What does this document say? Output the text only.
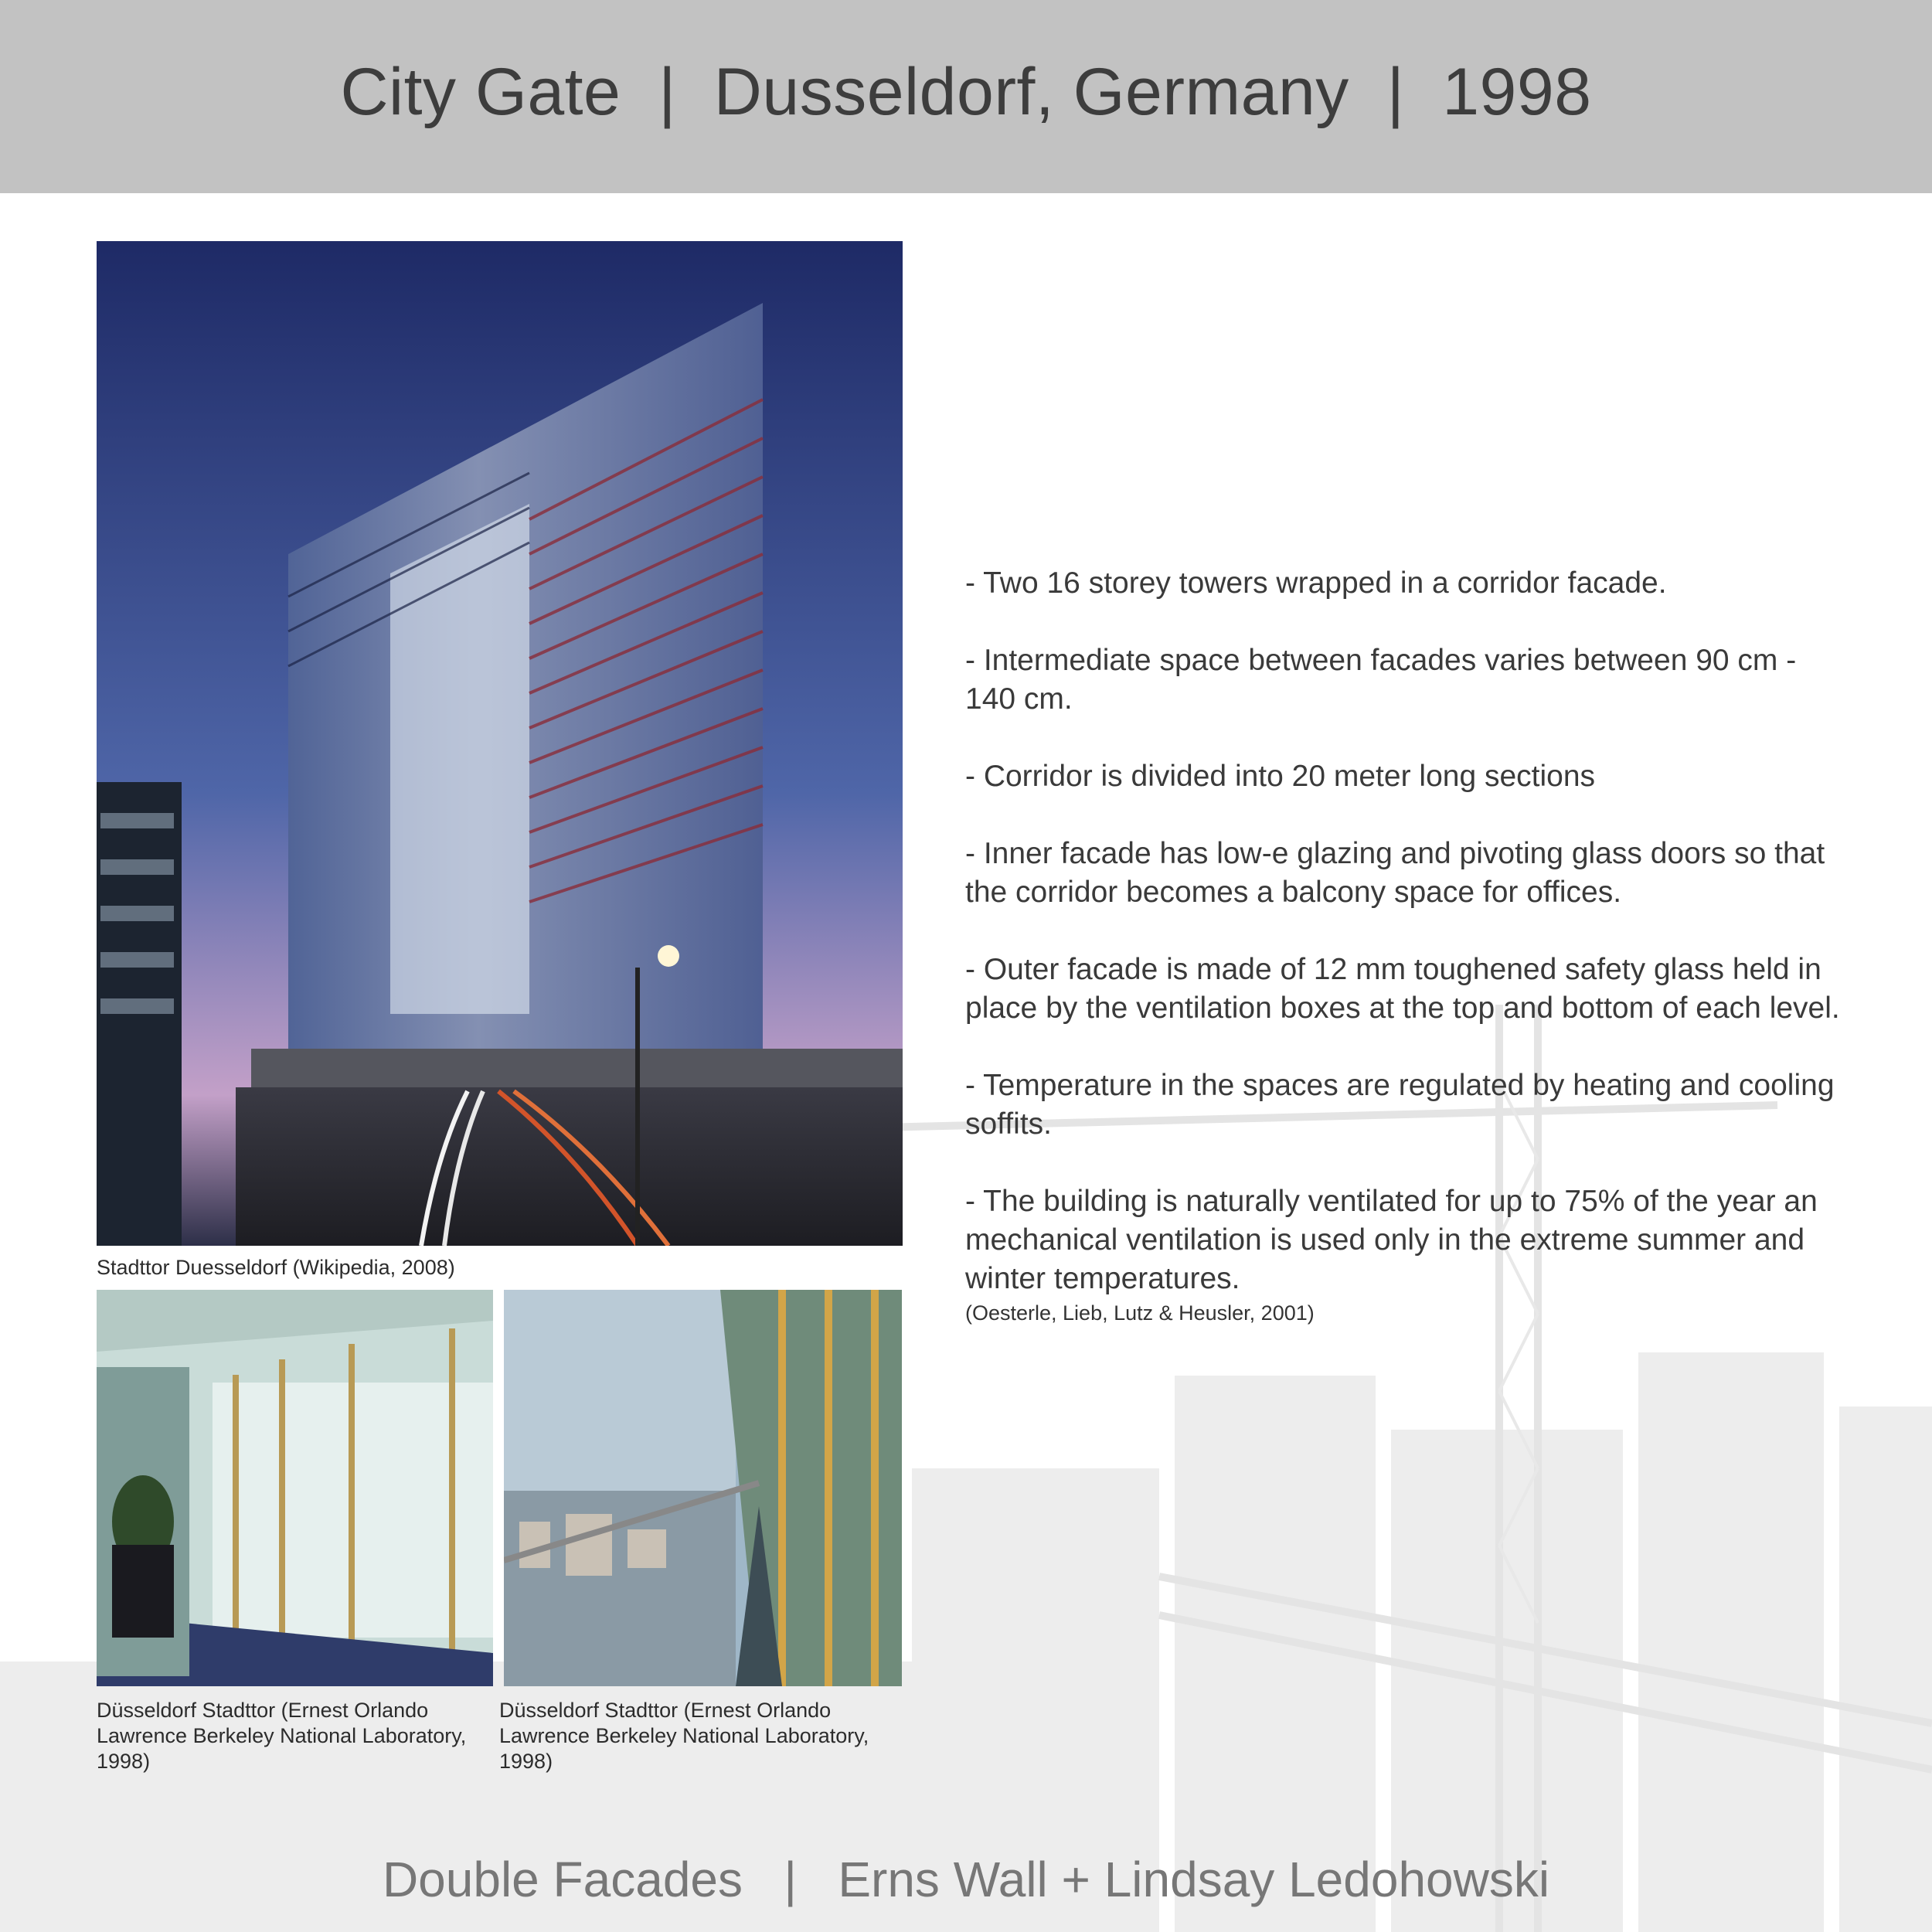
City Gate  |  Dusseldorf, Germany  |  1998
Stadttor Duesseldorf (Wikipedia, 2008)
Düsseldorf Stadttor (Ernest Orlando Lawrence Berkeley National Laboratory, 1998)
Düsseldorf Stadttor (Ernest Orlando Lawrence Berkeley National Laboratory, 1998)

- Two 16 storey towers wrapped in a corridor facade.

- Intermediate space between facades varies between 90 cm - 140 cm.

- Corridor is divided into 20 meter long sections

- Inner facade has low-e glazing and pivoting glass doors so that the corridor becomes a balcony space for offices.

- Outer facade is made of 12 mm toughened safety glass held in place by the ventilation boxes at the top and bottom of each level.

- Temperature in the spaces are regulated by heating and cooling soffits.

- The building is naturally ventilated for up to 75% of the year an mechanical ventilation is used only in the extreme summer and winter temperatures.

(Oesterle, Lieb, Lutz & Heusler, 2001)
Double Facades   |   Erns Wall + Lindsay Ledohowski
